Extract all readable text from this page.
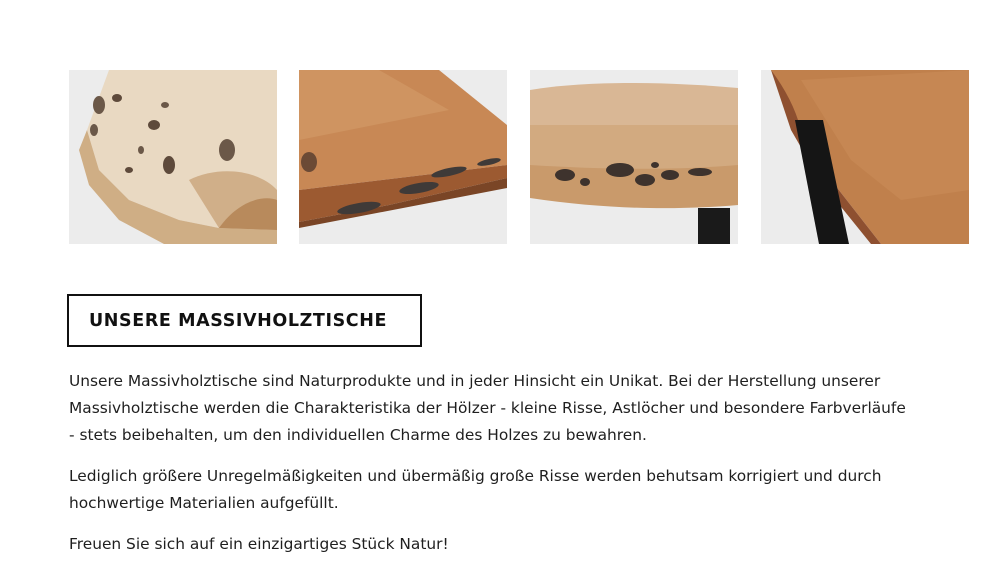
UNSERE MASSIVHOLZTISCHE

Unsere Massivholztische sind Naturprodukte und in jeder Hinsicht ein Unikat. Bei der Herstellung unserer Massivholztische werden die Charakteristika der Hölzer - kleine Risse, Astlöcher und besondere Farbverläufe - stets beibehalten, um den individuellen Charme des Holzes zu bewahren.

Lediglich größere Unregelmäßigkeiten und übermäßig große Risse werden behutsam korrigiert und durch hochwertige Materialien aufgefüllt.

Freuen Sie sich auf ein einzigartiges Stück Natur!
